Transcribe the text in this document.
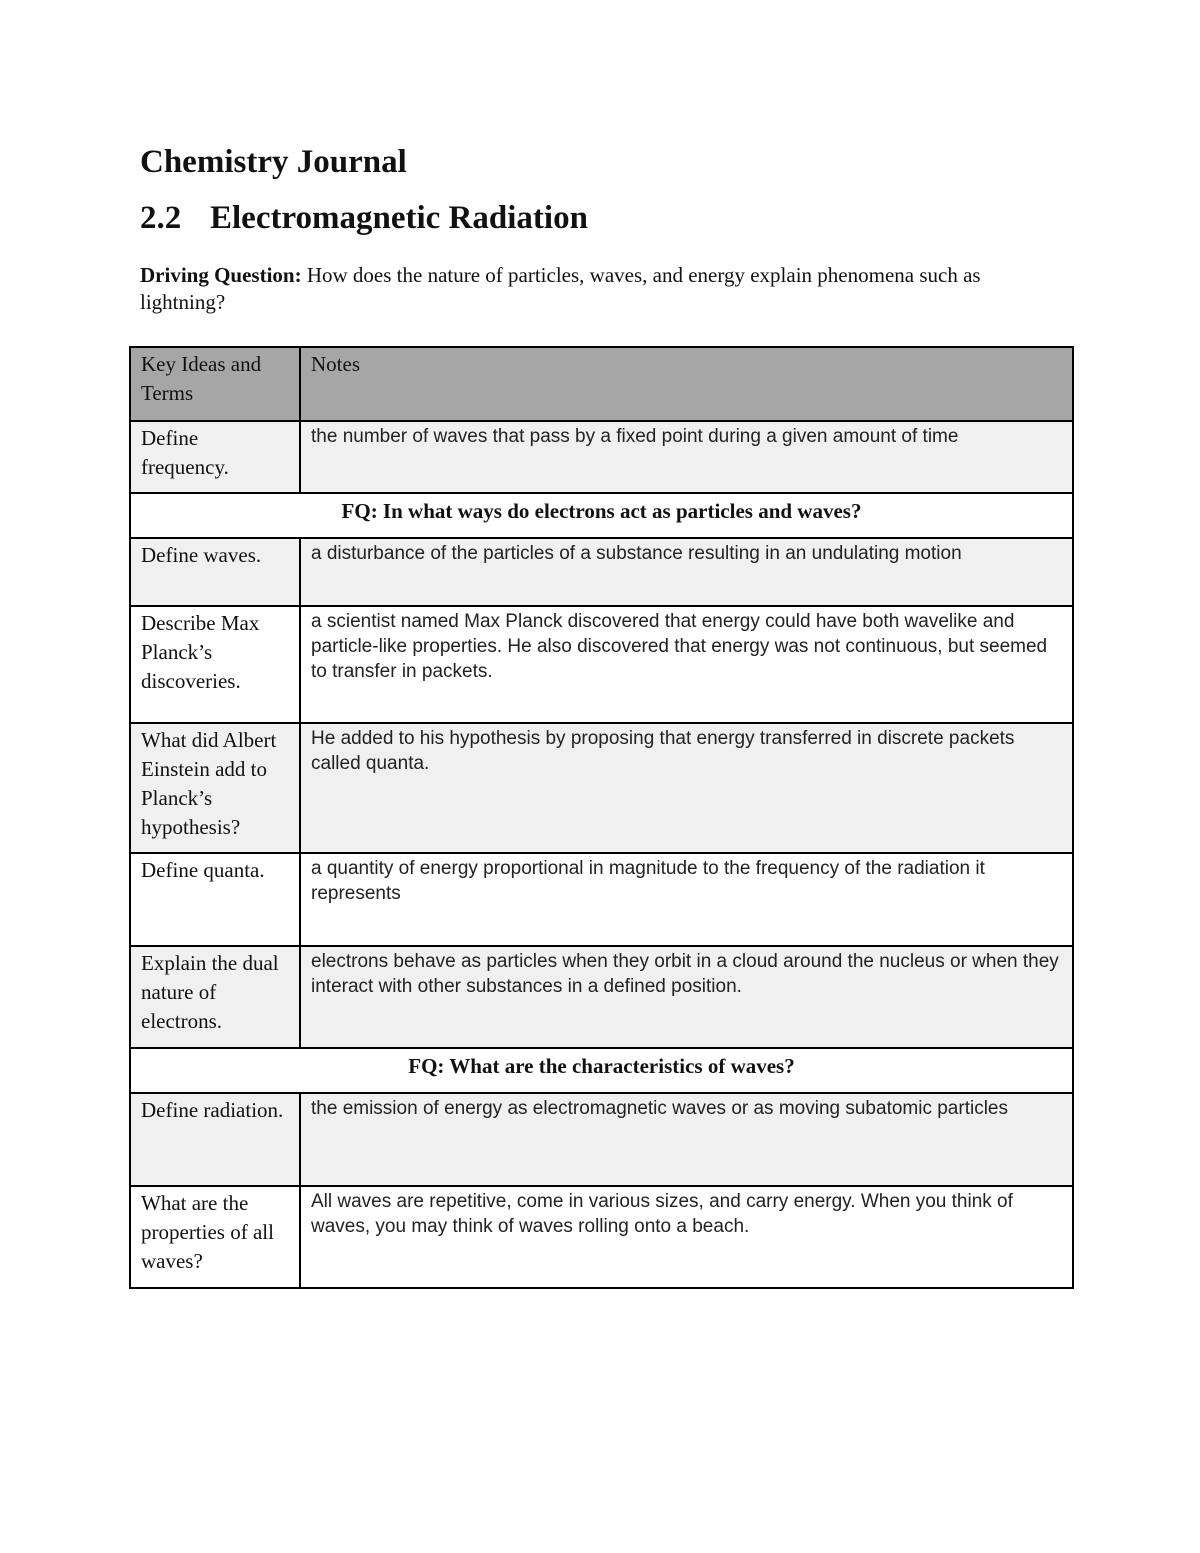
Chemistry Journal
2.2 Electromagnetic Radiation
Driving Question: How does the nature of particles, waves, and energy explain phenomena such as lightning?
Key Ideas and Terms	Notes
Define frequency.	the number of waves that pass by a fixed point during a given amount of time
FQ: In what ways do electrons act as particles and waves?	
Define waves.	a disturbance of the particles of a substance resulting in an undulating motion
Describe Max Planck’s discoveries.	a scientist named Max Planck discovered that energy could have both wavelike and particle-like properties. He also discovered that energy was not continuous, but seemed to transfer in packets.
What did Albert Einstein add to Planck’s hypothesis?	He added to his hypothesis by proposing that energy transferred in discrete packets called quanta.
Define quanta.	a quantity of energy proportional in magnitude to the frequency of the radiation it represents
Explain the dual nature of electrons.	electrons behave as particles when they orbit in a cloud around the nucleus or when they interact with other substances in a defined position.
FQ: What are the characteristics of waves?	
Define radiation.	the emission of energy as electromagnetic waves or as moving subatomic particles
What are the properties of all waves?	All waves are repetitive, come in various sizes, and carry energy. When you think of waves, you may think of waves rolling onto a beach.
